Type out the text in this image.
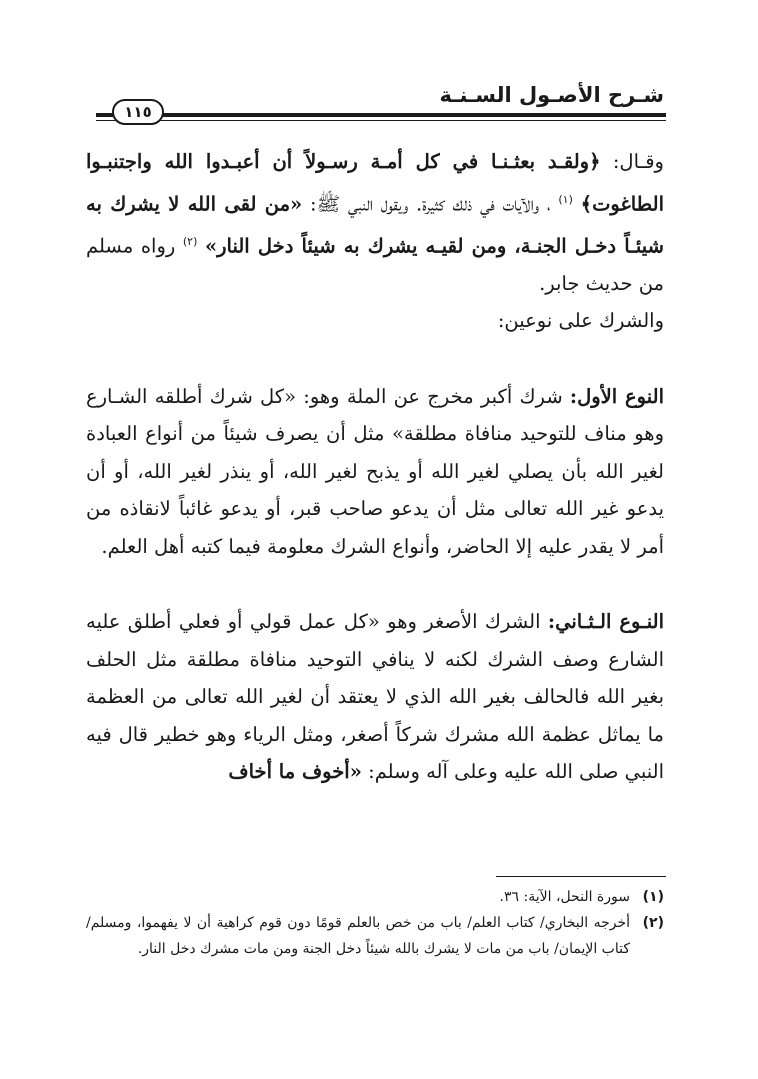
شـرح الأصـول السـنـة
١١٥

وقـال: ﴿ولقـد بعثـنـا في كل أمـة رسـولاً أن أعبـدوا الله واجتنبـوا الطاغوت﴾ $^{(١)}$ ، والآيات في ذلك كثيرة. ويقول النبي ﷺ: «من لقى الله لا يشرك به شيئـاً دخـل الجنـة، ومن لقيـه يشرك به شيئاً دخل النار» $^{(٢)}$ رواه مسلم من حديث جابر.

والشرك على نوعين:

النوع الأول: شرك أكبر مخرج عن الملة وهو: «كل شرك أطلقه الشـارع وهو مناف للتوحيد منافاة مطلقة» مثل أن يصرف شيئاً من أنواع العبادة لغير الله بأن يصلي لغير الله أو يذبح لغير الله، أو ينذر لغير الله، أو أن يدعو غير الله تعالى مثل أن يدعو صاحب قبر، أو يدعو غائباً لانقاذه من أمر لا يقدر عليه إلا الحاضر، وأنواع الشرك معلومة فيما كتبه أهل العلم.

النـوع الـثـاني: الشرك الأصغر وهو «كل عمل قولي أو فعلي أطلق عليه الشارع وصف الشرك لكنه لا ينافي التوحيد منافاة مطلقة مثل الحلف بغير الله فالحالف بغير الله الذي لا يعتقد أن لغير الله تعالى من العظمة ما يماثل عظمة الله مشرك شركاً أصغر، ومثل الرياء وهو خطير قال فيه النبي صلى الله عليه وعلى آله وسلم: «أخوف ما أخاف

(١)
سورة النحل، الآية: ٣٦.
(٢)
أخرجه البخاري/ كتاب العلم/ باب من خص بالعلم قومًا دون قوم كراهية أن لا يفهموا، ومسلم/ كتاب الإيمان/ باب من مات لا يشرك بالله شيئاً دخل الجنة ومن مات مشرك دخل النار.
